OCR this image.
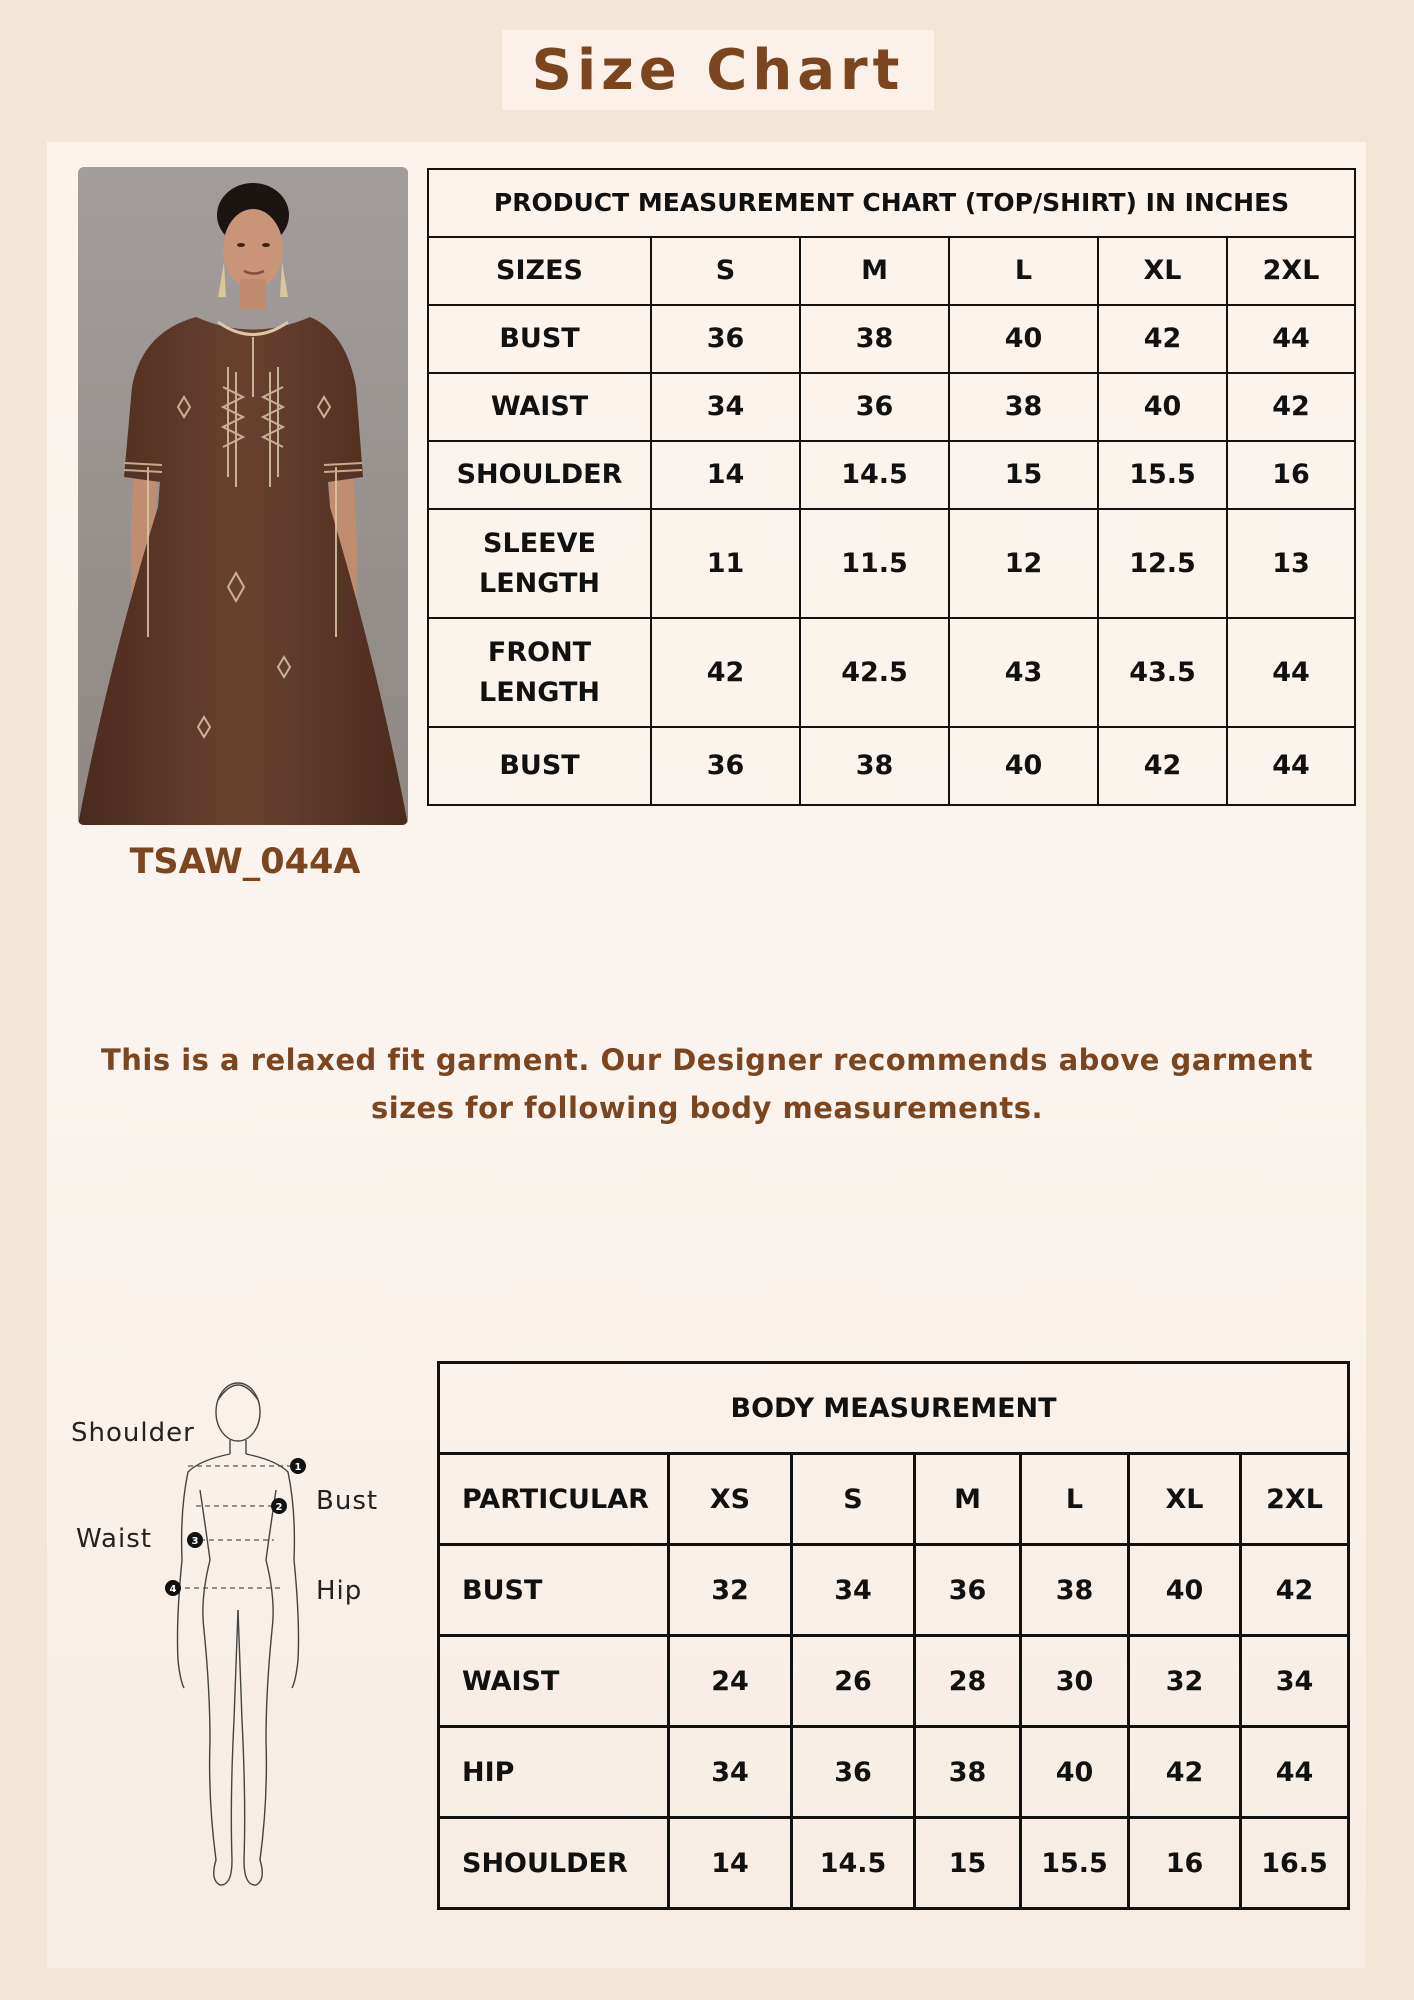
Size Chart
TSAW_044A
PRODUCT MEASUREMENT CHART (TOP/SHIRT) IN INCHES					
SIZES	S	M	L	XL	2XL
BUST	36	38	40	42	44
WAIST	34	36	38	40	42
SHOULDER	14	14.5	15	15.5	16
SLEEVE LENGTH	11	11.5	12	12.5	13
FRONT LENGTH	42	42.5	43	43.5	44
BUST	36	38	40	42	44
This is a relaxed fit garment. Our Designer recommends above garment sizes for following body measurements.
1
2
3
4
Shoulder
Bust
Waist
Hip
BODY MEASUREMENT						
PARTICULAR	XS	S	M	L	XL	2XL
BUST	32	34	36	38	40	42
WAIST	24	26	28	30	32	34
HIP	34	36	38	40	42	44
SHOULDER	14	14.5	15	15.5	16	16.5
